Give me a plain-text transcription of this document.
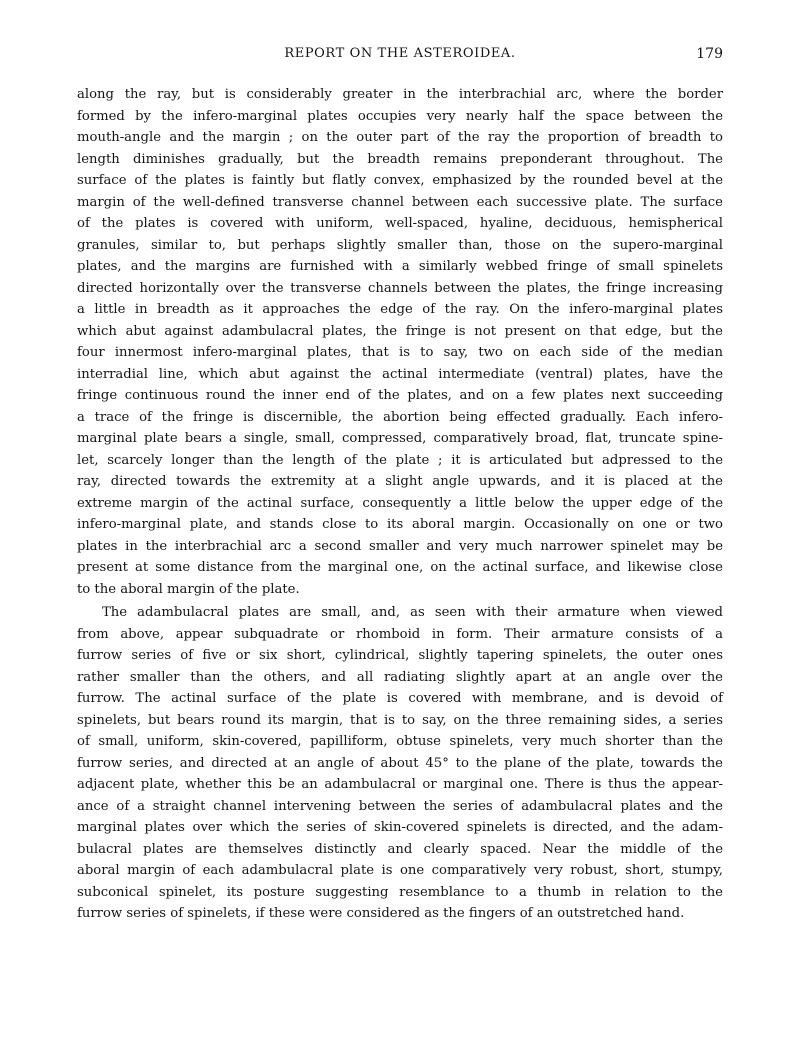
REPORT ON THE ASTEROIDEA.	179
along the ray, but is considerably greater in the interbrachial arc, where the border
formed by the infero-marginal plates occupies very nearly half the space between the
mouth-angle and the margin ; on the outer part of the ray the proportion of breadth to
length diminishes gradually, but the breadth remains preponderant throughout. The
surface of the plates is faintly but flatly convex, emphasized by the rounded bevel at the
margin of the well-defined transverse channel between each successive plate. The surface
of the plates is covered with uniform, well-spaced, hyaline, deciduous, hemispherical
granules, similar to, but perhaps slightly smaller than, those on the supero-marginal
plates, and the margins are furnished with a similarly webbed fringe of small spinelets
directed horizontally over the transverse channels between the plates, the fringe increasing
a little in breadth as it approaches the edge of the ray. On the infero-marginal plates
which abut against adambulacral plates, the fringe is not present on that edge, but the
four innermost infero-marginal plates, that is to say, two on each side of the median
interradial line, which abut against the actinal intermediate (ventral) plates, have the
fringe continuous round the inner end of the plates, and on a few plates next succeeding
a trace of the fringe is discernible, the abortion being effected gradually. Each infero-
marginal plate bears a single, small, compressed, comparatively broad, flat, truncate spine-
let, scarcely longer than the length of the plate ; it is articulated but adpressed to the
ray, directed towards the extremity at a slight angle upwards, and it is placed at the
extreme margin of the actinal surface, consequently a little below the upper edge of the
infero-marginal plate, and stands close to its aboral margin. Occasionally on one or two
plates in the interbrachial arc a second smaller and very much narrower spinelet may be
present at some distance from the marginal one, on the actinal surface, and likewise close
to the aboral margin of the plate.
The adambulacral plates are small, and, as seen with their armature when viewed
from above, appear subquadrate or rhomboid in form. Their armature consists of a
furrow series of five or six short, cylindrical, slightly tapering spinelets, the outer ones
rather smaller than the others, and all radiating slightly apart at an angle over the
furrow. The actinal surface of the plate is covered with membrane, and is devoid of
spinelets, but bears round its margin, that is to say, on the three remaining sides, a series
of small, uniform, skin-covered, papilliform, obtuse spinelets, very much shorter than the
furrow series, and directed at an angle of about 45° to the plane of the plate, towards the
adjacent plate, whether this be an adambulacral or marginal one. There is thus the appear-
ance of a straight channel intervening between the series of adambulacral plates and the
marginal plates over which the series of skin-covered spinelets is directed, and the adam-
bulacral plates are themselves distinctly and clearly spaced. Near the middle of the
aboral margin of each adambulacral plate is one comparatively very robust, short, stumpy,
subconical spinelet, its posture suggesting resemblance to a thumb in relation to the
furrow series of spinelets, if these were considered as the fingers of an outstretched hand.
